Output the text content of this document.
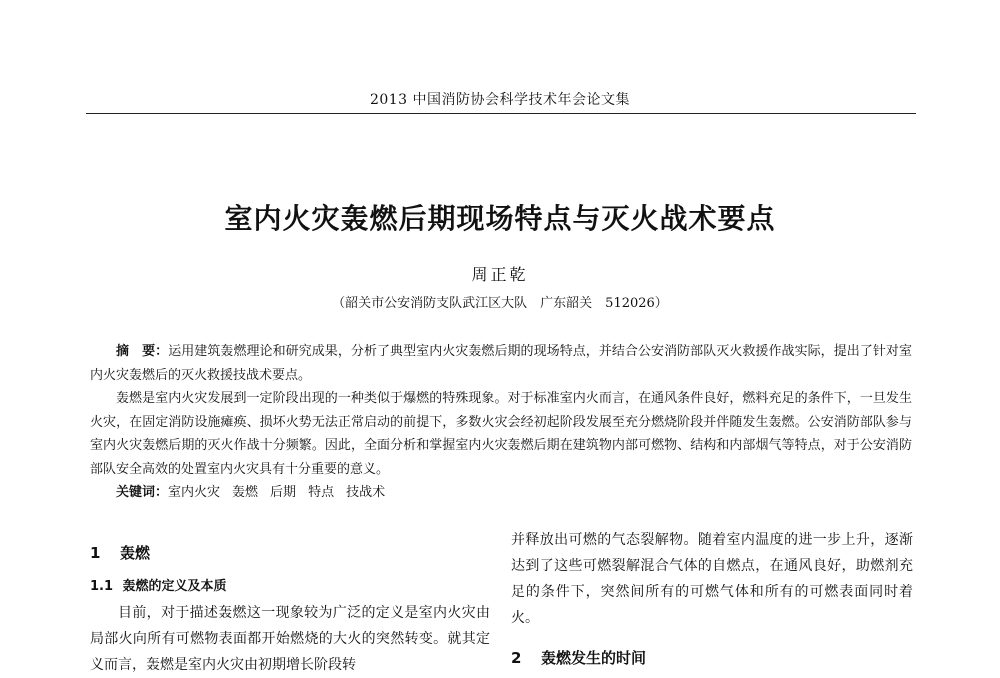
2013 中国消防协会科学技术年会论文集
室内火灾轰燃后期现场特点与灭火战术要点
周正乾
（韶关市公安消防支队武江区大队　广东韶关　512026）

摘　要：运用建筑轰燃理论和研究成果，分析了典型室内火灾轰燃后期的现场特点，并结合公安消防部队灭火救援作战实际，提出了针对室内火灾轰燃后的灭火救援技战术要点。

轰燃是室内火灾发展到一定阶段出现的一种类似于爆燃的特殊现象。对于标准室内火而言，在通风条件良好，燃料充足的条件下，一旦发生火灾，在固定消防设施瘫痪、损坏火势无法正常启动的前提下，多数火灾会经初起阶段发展至充分燃烧阶段并伴随发生轰燃。公安消防部队参与室内火灾轰燃后期的灭火作战十分频繁。因此，全面分析和掌握室内火灾轰燃后期在建筑物内部可燃物、结构和内部烟气等特点，对于公安消防部队安全高效的处置室内火灾具有十分重要的意义。

关键词：室内火灾 轰燃 后期 特点 技战术

1 轰燃
1.1 轰燃的定义及本质

目前，对于描述轰燃这一现象较为广泛的定义是室内火灾由局部火向所有可燃物表面都开始燃烧的大火的突然转变。就其定义而言，轰燃是室内火灾由初期增长阶段转

并释放出可燃的气态裂解物。随着室内温度的进一步上升，逐渐达到了这些可燃裂解混合气体的自燃点，在通风良好，助燃剂充足的条件下，突然间所有的可燃气体和所有的可燃表面同时着火。

2 轰燃发生的时间
